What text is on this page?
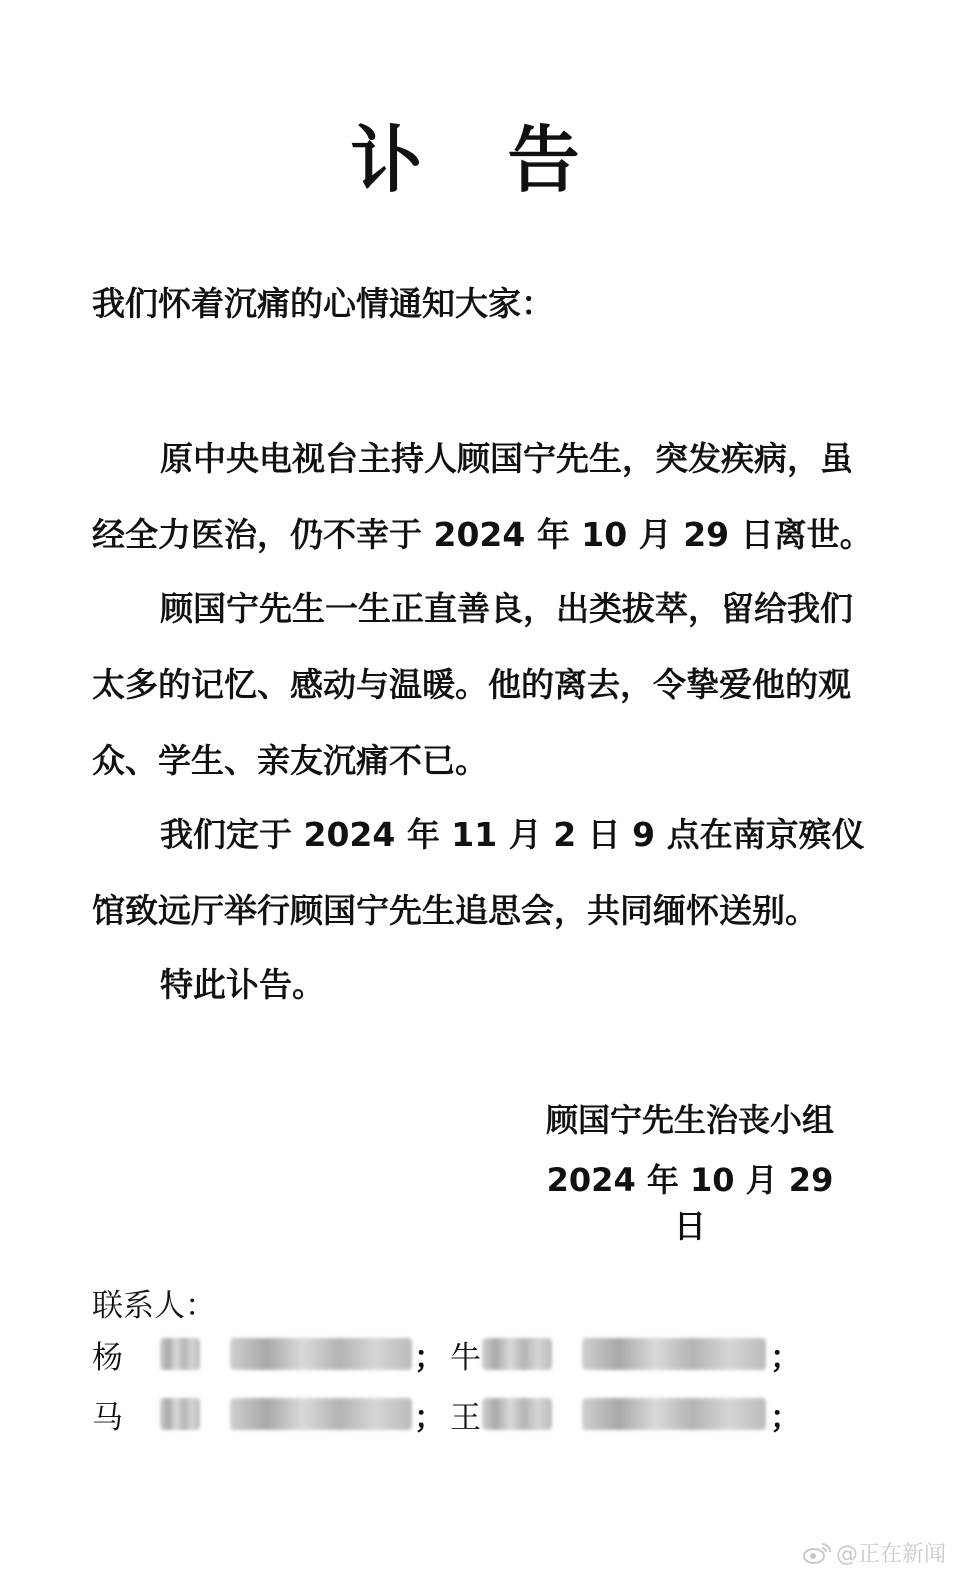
讣 告
我们怀着沉痛的心情通知大家：

原中央电视台主持人顾国宁先生，突发疾病，虽经全力医治，仍不幸于 2024 年 10 月 29 日离世。

顾国宁先生一生正直善良，出类拔萃，留给我们太多的记忆、感动与温暖。他的离去，令挚爱他的观众、学生、亲友沉痛不已。

我们定于 2024 年 11 月 2 日 9 点在南京殡仪馆致远厅举行顾国宁先生追思会，共同缅怀送别。

特此讣告。

顾国宁先生治丧小组
2024 年 10 月 29 日
联系人：
杨	； 牛	；
马	； 王	；
@正在新闻
